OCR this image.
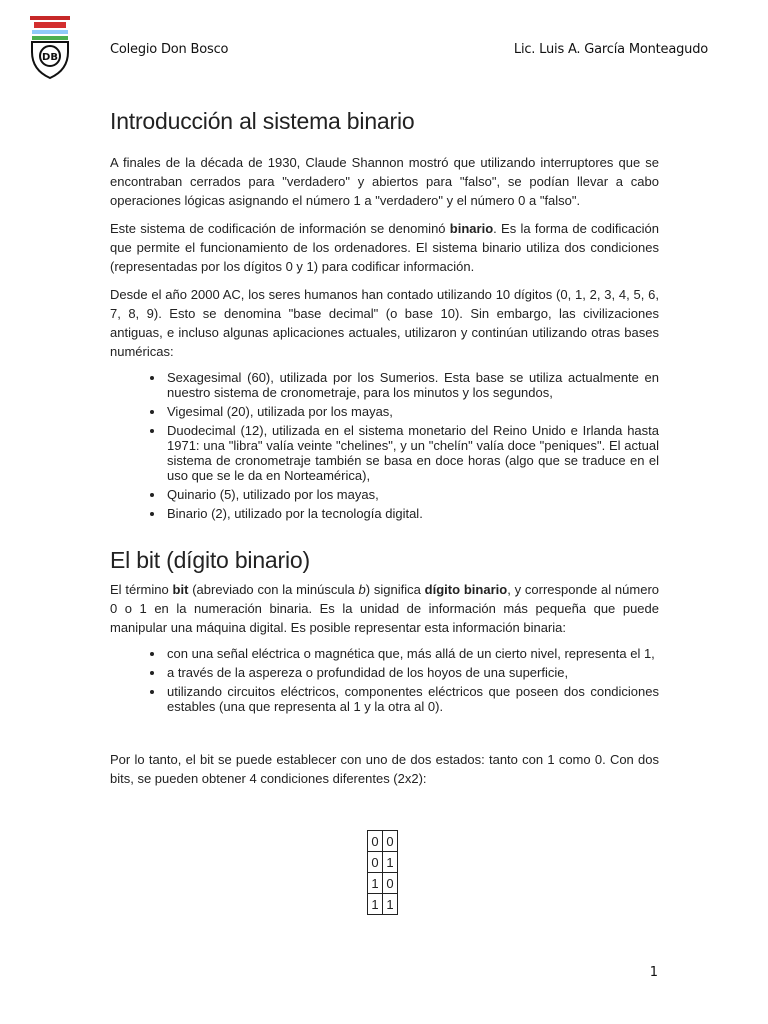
DB
Colegio Don Bosco	Lic. Luis A. García Monteagudo
Introducción al sistema binario

A finales de la década de 1930, Claude Shannon mostró que utilizando interruptores que se encontraban cerrados para "verdadero" y abiertos para "falso", se podían llevar a cabo operaciones lógicas asignando el número 1 a "verdadero" y el número 0 a "falso".

Este sistema de codificación de información se denominó binario. Es la forma de codificación que permite el funcionamiento de los ordenadores. El sistema binario utiliza dos condiciones (representadas por los dígitos 0 y 1) para codificar información.

Desde el año 2000 AC, los seres humanos han contado utilizando 10 dígitos (0, 1, 2, 3, 4, 5, 6, 7, 8, 9). Esto se denomina "base decimal" (o base 10). Sin embargo, las civilizaciones antiguas, e incluso algunas aplicaciones actuales, utilizaron y continúan utilizando otras bases numéricas:

• Sexagesimal (60), utilizada por los Sumerios. Esta base se utiliza actualmente en nuestro sistema de cronometraje, para los minutos y los segundos,
• Vigesimal (20), utilizada por los mayas,
• Duodecimal (12), utilizada en el sistema monetario del Reino Unido e Irlanda hasta 1971: una "libra" valía veinte "chelines", y un "chelín" valía doce "peniques". El actual sistema de cronometraje también se basa en doce horas (algo que se traduce en el uso que se le da en Norteamérica),
• Quinario (5), utilizado por los mayas,
• Binario (2), utilizado por la tecnología digital.
El bit (dígito binario)

El término bit (abreviado con la minúscula b) significa dígito binario, y corresponde al número 0 o 1 en la numeración binaria. Es la unidad de información más pequeña que puede manipular una máquina digital. Es posible representar esta información binaria:

• con una señal eléctrica o magnética que, más allá de un cierto nivel, representa el 1,
• a través de la aspereza o profundidad de los hoyos de una superficie,
• utilizando circuitos eléctricos, componentes eléctricos que poseen dos condiciones estables (una que representa al 1 y la otra al 0).

Por lo tanto, el bit se puede establecer con uno de dos estados: tanto con 1 como 0. Con dos bits, se pueden obtener 4 condiciones diferentes (2x2):

0	0
0	1
1	0
1	1
1
